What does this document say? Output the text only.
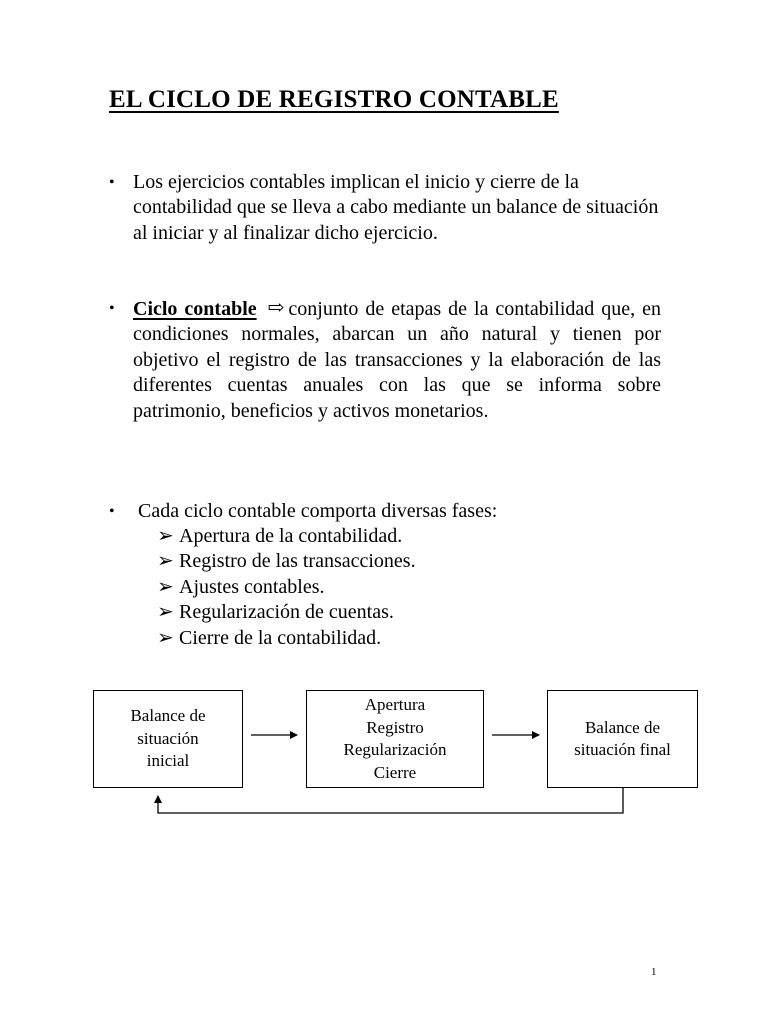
EL CICLO DE REGISTRO CONTABLE
• Los ejercicios contables implican el inicio y cierre de la contabilidad que se lleva a cabo mediante un balance de situación al iniciar y al finalizar dicho ejercicio.
• Ciclo contable ⇨ conjunto de etapas de la contabilidad que, en condiciones normales, abarcan un año natural y tienen por objetivo el registro de las transacciones y la elaboración de las diferentes cuentas anuales con las que se informa sobre patrimonio, beneficios y activos monetarios.
• Cada ciclo contable comporta diversas fases:
➢ Apertura de la contabilidad.
➢ Registro de las transacciones.
➢ Ajustes contables.
➢ Regularización de cuentas.
➢ Cierre de la contabilidad.
Balance de
situación
inicial
Apertura
Registro
Regularización
Cierre
Balance de
situación final
1
